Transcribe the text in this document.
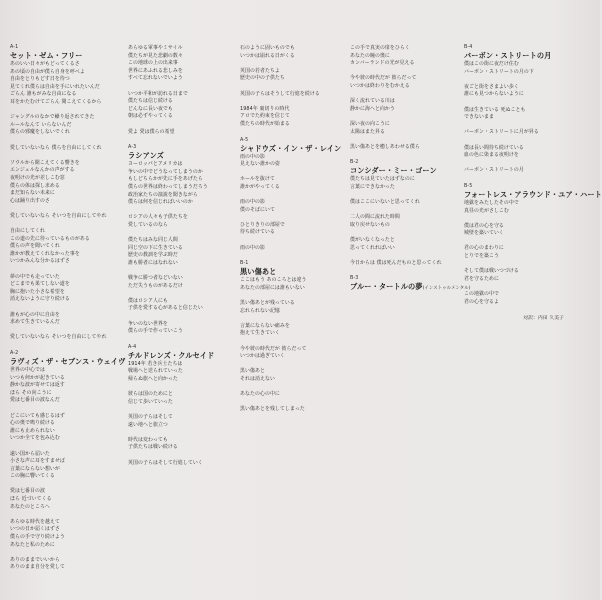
A-1
セット・ゼム・フリー
あのいい日々がもどってくるさ
あの頃の自由が僕ら自身を呼べよ
自由をとりもどす日を待つ
見てくれ僕らは自由を手にいれたいんだ
ごらん 誰もがみな自由になる
耳をかたむけてごらん 聞こえてくるから
ジャングルのなかで繰り返されてきた
ルールなんて いらないんだ
僕らの邪魔をしないでくれ
愛していないなら 僕らを自由にしてくれ
ソウルから聞こえてくる響きを
エンジェルなんかの声がする
夜明けの光が差しこむ窓
僕らの体は探し求める
まだ知らない未来に
心は踊り出すのさ
愛していないなら そいつを自由にしてやれ
自由にしてくれ
この道の先に待っているものがある
僕らの声を聞いてくれ
誰かが教えてくれなかった事を
いつかみんな分かるはずさ
夢の中でも走っていた
どこまでも果てしない道を
胸に抱いた小さな希望を
消えないように守り続ける
誰もが心の中に自由を
求めて生きているんだ
愛していないなら そいつを自由にしてやれ
A-2
ラヴィズ・ザ・セブンス・ウェイヴ
世界の中心では
いつも何かが起きている
静かな波が寄せては返す
ほら その向こうに
愛は七番目の波なんだ
どこにいても感じるはず
心の奥で鳴り続ける
誰にも止められない
いつか全てを包み込む
遠い国から届いた
小さな声に耳をすませば
言葉にならない想いが
この胸に響いてくる
愛は七番目の波
ほら 近づいてくる
あなたのところへ
あらゆる時代を越えて
いつの日か届くはずさ
僕らの手で守り続けよう
あなたと私のために
ありのままでいいから
ありのまま自分を愛して
あらゆる軍事やミサイル
僕たちが見た悲劇の数々
この地球の上の出来事
世界にあふれる悲しみを
すべて忘れないでいよう
いつか平和が訪れる日まで
僕たちは信じ続ける
どんなに長い夜でも
朝は必ずやってくる
愛よ 愛は僕らの希望
A-3
ラシアンズ
ヨーロッパとアメリカは
争いの中でどうなってしまうのか
もしどちらかが先に手をあげたら
僕らの世界は終わってしまうだろう
政治家たちの演説を聞きながら
僕らは何を信じればいいのか
ロシアの人々も子供たちを
愛しているのなら
僕たちはみな同じ人間
同じ空の下に生きている
歴史の教訓を学ぶ時だ
誰も勝者にはなれない
戦争に勝つ者などいない
ただ失うものがあるだけ
僕はロシア人にも
子供を愛する心があると信じたい
争いのない世界を
僕らの手で作っていこう
A-4
チルドレンズ・クルセイド
1914年 若き兵士たちは
戦場へと送られていった
帰らぬ旅へと向かった
彼らは国のためにと
信じて歩いていった
英国の子らはそして
遠い地へと旅立つ
時代は変わっても
子供たちは戦い続ける
英国の子らはそして行進していく
石のように固いものでも
いつかは崩れる日がくる
英国の若者たちよ
歴史の中の子供たち
英国の子らはそうして行進を続ける
1984年 裏切りの時代
アロでた約束を信じて
僕たちの時代が始まる
A-5
シャドウズ・イン・ザ・レイン
雨の中の影
見えない誰かの姿
ホールを抜けて
誰かがやってくる
雨の中の影
僕のそばにいて
ひとりきりの部屋で
待ち続けている
雨の中の影
B-1
黒い傷あと
ここはもう あのころとは違う
あなたの部屋には誰もいない
黒い傷あとが残っている
忘れられない記憶
言葉にならない痛みを
抱えて生きていく
今や彼の時代だが 彼らだって
いつかは過ぎていく
黒い傷あと
それは消えない
あなたの心の中に
黒い傷あとを残してしまった
この手で真実の扉をひらく
あなたの瞳の奥に
カンバーランドの光が見える
今や彼の時代だが 彼らだって
いつかは終わりをむかえる
深く流れている川は
静かに海へと向かう
深い夜の向こうに
太陽はまた昇る
黒い傷あとを癒しあわせる僕ら
B-2
コンシダー・ミー・ゴーン
僕たちは見ていたはずなのに
言葉にできなかった
僕はここにいないと思ってくれ
二人の間に流れた時間
取り戻せないもの
僕がいなくなったと
思ってくれればいい
今日からは 僕は死んだものと思ってくれ
B-3
ブルー・タートルの夢(インストゥルメンタル)
B-4
バーボン・ストリートの月
僕はこの街に夜だけ住む
バーボン・ストリートの月の下
夜ごと街をさまよい歩く
誰にも見つからないように
僕は生きている 死ぬことも
できないまま
バーボン・ストリートに月が昇る
僕は長い間待ち続けている
血の色に染まる夜明けを
バーボン・ストリートの月
B-5
フォートレス・アラウンド・ユア・ハート
地獄をみたしたその中で
真昼の光がさしこむ
僕は君の心を守る
城壁を築いていく
君の心のまわりに
とりでを築こう
そして僕は戦いつづける
君を守るために
この地獄の中で
君の心を守るよ
対訳：内田 久美子
